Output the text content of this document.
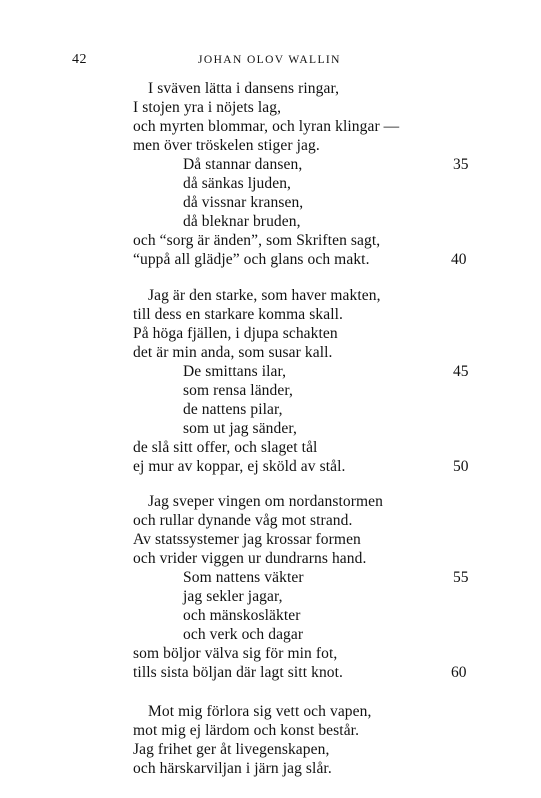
42	JOHAN OLOV WALLIN
I sväven lätta i dansens ringar,
I stojen yra i nöjets lag,
och myrten blommar, och lyran klingar —
men över tröskelen stiger jag.
Då stannar dansen,	35
då sänkas ljuden,
då vissnar kransen,
då bleknar bruden,
och “sorg är änden”, som Skriften sagt,
“uppå all glädje” och glans och makt.	40
Jag är den starke, som haver makten,
till dess en starkare komma skall.
På höga fjällen, i djupa schakten
det är min anda, som susar kall.
De smittans ilar,	45
som rensa länder,
de nattens pilar,
som ut jag sänder,
de slå sitt offer, och slaget tål
ej mur av koppar, ej sköld av stål.	50
Jag sveper vingen om nordanstormen
och rullar dynande våg mot strand.
Av statssystemer jag krossar formen
och vrider viggen ur dundrarns hand.
Som nattens väkter	55
jag sekler jagar,
och mänskosläkter
och verk och dagar
som böljor välva sig för min fot,
tills sista böljan där lagt sitt knot.	60
Mot mig förlora sig vett och vapen,
mot mig ej lärdom och konst består.
Jag frihet ger åt livegenskapen,
och härskarviljan i järn jag slår.
